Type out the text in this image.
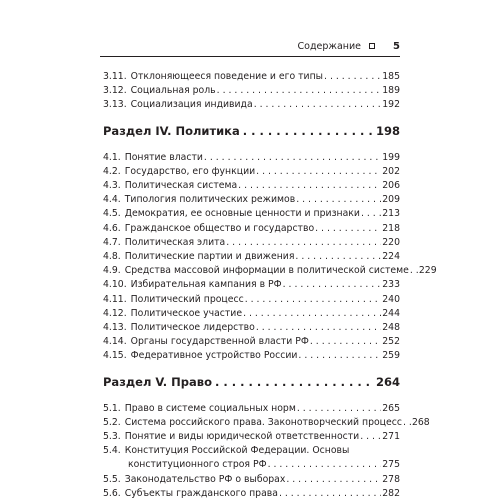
Содержание	5
3.11. Отклоняющееся поведение и его типы . . .	185
3.12. Социальная роль . . .	189
3.13. Социализация индивида . . .	192
Раздел IV. Политика . . .	198
4.1. Понятие власти . . .	199
4.2. Государство, его функции . . .	202
4.3. Политическая система . . .	206
4.4. Типология политических режимов . . .	209
4.5. Демократия, ее основные ценности и признаки . . . 213
4.6. Гражданское общество и государство . . .	218
4.7. Политическая элита . . .	220
4.8. Политические партии и движения . . .	224
4.9. Средства массовой информации в политической системе . . . 229
4.10. Избирательная кампания в РФ . . .	233
4.11. Политический процесс . . .	240
4.12. Политическое участие . . .	244
4.13. Политическое лидерство . . .	248
4.14. Органы государственной власти РФ . . .	252
4.15. Федеративное устройство России . . .	259
Раздел V. Право . . .	264
5.1. Право в системе социальных норм . . .	265
5.2. Система российского права. Законотворческий процесс . . . 268
5.3. Понятие и виды юридической ответственности . . . 271
5.4. Конституция Российской Федерации. Основы
конституционного строя РФ . . .	275
5.5. Законодательство РФ о выборах . . .	278
5.6. Субъекты гражданского права . . .	282
